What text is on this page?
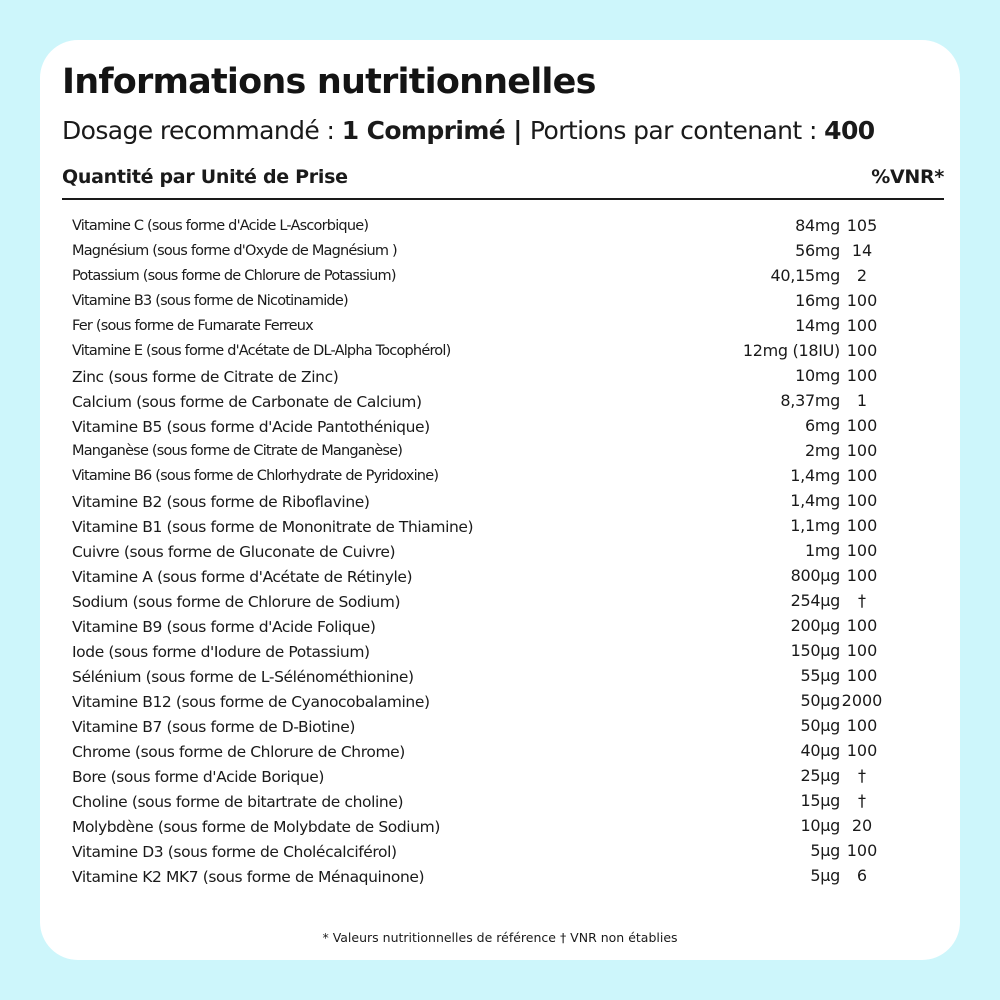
Informations nutritionnelles
Dosage recommandé : 1 Comprimé | Portions par contenant : 400
Quantité par Unité de Prise	%VNR*
Vitamine C (sous forme d'Acide L-Ascorbique)	84mg 105
Magnésium (sous forme d'Oxyde de Magnésium )	56mg 14
Potassium (sous forme de Chlorure de Potassium)	40,15mg	2
Vitamine B3 (sous forme de Nicotinamide)	16mg 100
Fer (sous forme de Fumarate Ferreux	14mg 100
Vitamine E (sous forme d'Acétate de DL-Alpha Tocophérol)	12mg (18IU) 100
Zinc (sous forme de Citrate de Zinc)	10mg 100
Calcium (sous forme de Carbonate de Calcium)	8,37mg	1
Vitamine B5 (sous forme d'Acide Pantothénique)	6mg 100
Manganèse (sous forme de Citrate de Manganèse)	2mg 100
Vitamine B6 (sous forme de Chlorhydrate de Pyridoxine)	1,4mg 100
Vitamine B2 (sous forme de Riboflavine)	1,4mg 100
Vitamine B1 (sous forme de Mononitrate de Thiamine)	1,1mg 100
Cuivre (sous forme de Gluconate de Cuivre)	1mg 100
Vitamine A (sous forme d'Acétate de Rétinyle)	800µg 100
Sodium (sous forme de Chlorure de Sodium)	254µg	†
Vitamine B9 (sous forme d'Acide Folique)	200µg 100
Iode (sous forme d'Iodure de Potassium)	150µg 100
Sélénium (sous forme de L-Sélénométhionine)	55µg 100
Vitamine B12 (sous forme de Cyanocobalamine)	50µg 2000
Vitamine B7 (sous forme de D-Biotine)	50µg 100
Chrome (sous forme de Chlorure de Chrome)	40µg 100
Bore (sous forme d'Acide Borique)	25µg	†
Choline (sous forme de bitartrate de choline)	15µg	†
Molybdène (sous forme de Molybdate de Sodium)	10µg 20
Vitamine D3 (sous forme de Cholécalciférol)	5µg 100
Vitamine K2 MK7 (sous forme de Ménaquinone)	5µg	6
* Valeurs nutritionnelles de référence † VNR non établies
